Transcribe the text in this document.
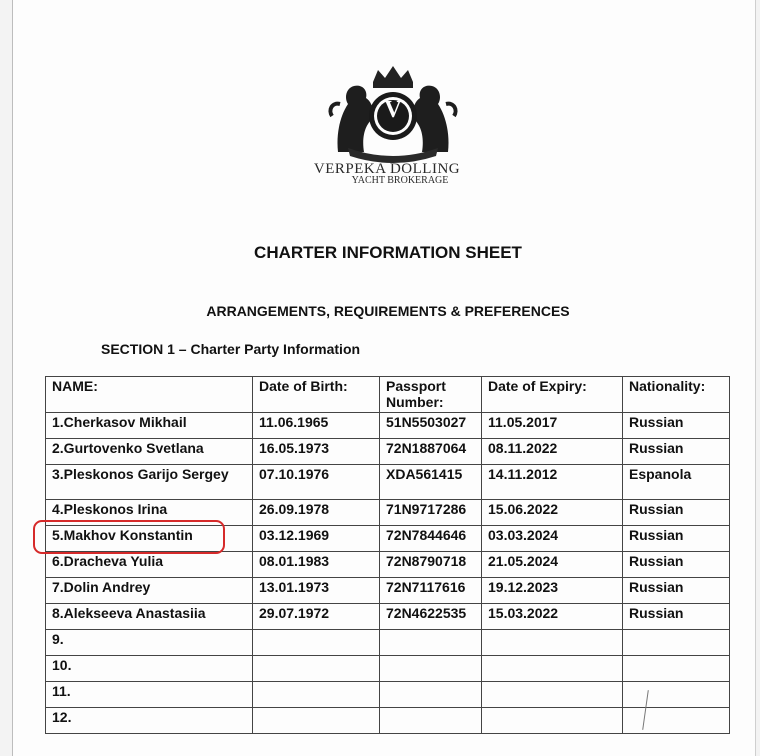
V
VERPEKA DOLLING
YACHT BROKERAGE
CHARTER INFORMATION SHEET
ARRANGEMENTS, REQUIREMENTS & PREFERENCES
SECTION 1 – Charter Party Information
NAME:	Date of Birth:	Passport Number:	Date of Expiry:	Nationality:
1.Cherkasov Mikhail	11.06.1965	51N5503027	11.05.2017	Russian
2.Gurtovenko Svetlana	16.05.1973	72N1887064	08.11.2022	Russian
3.Pleskonos Garijo Sergey	07.10.1976	XDA561415	14.11.2012	Espanola
4.Pleskonos Irina	26.09.1978	71N9717286	15.06.2022	Russian
5.Makhov Konstantin	03.12.1969	72N7844646	03.03.2024	Russian
6.Dracheva Yulia	08.01.1983	72N8790718	21.05.2024	Russian
7.Dolin Andrey	13.01.1973	72N7117616	19.12.2023	Russian
8.Alekseeva Anastasiia	29.07.1972	72N4622535	15.03.2022	Russian
9.				
10.				
11.				
12.				
